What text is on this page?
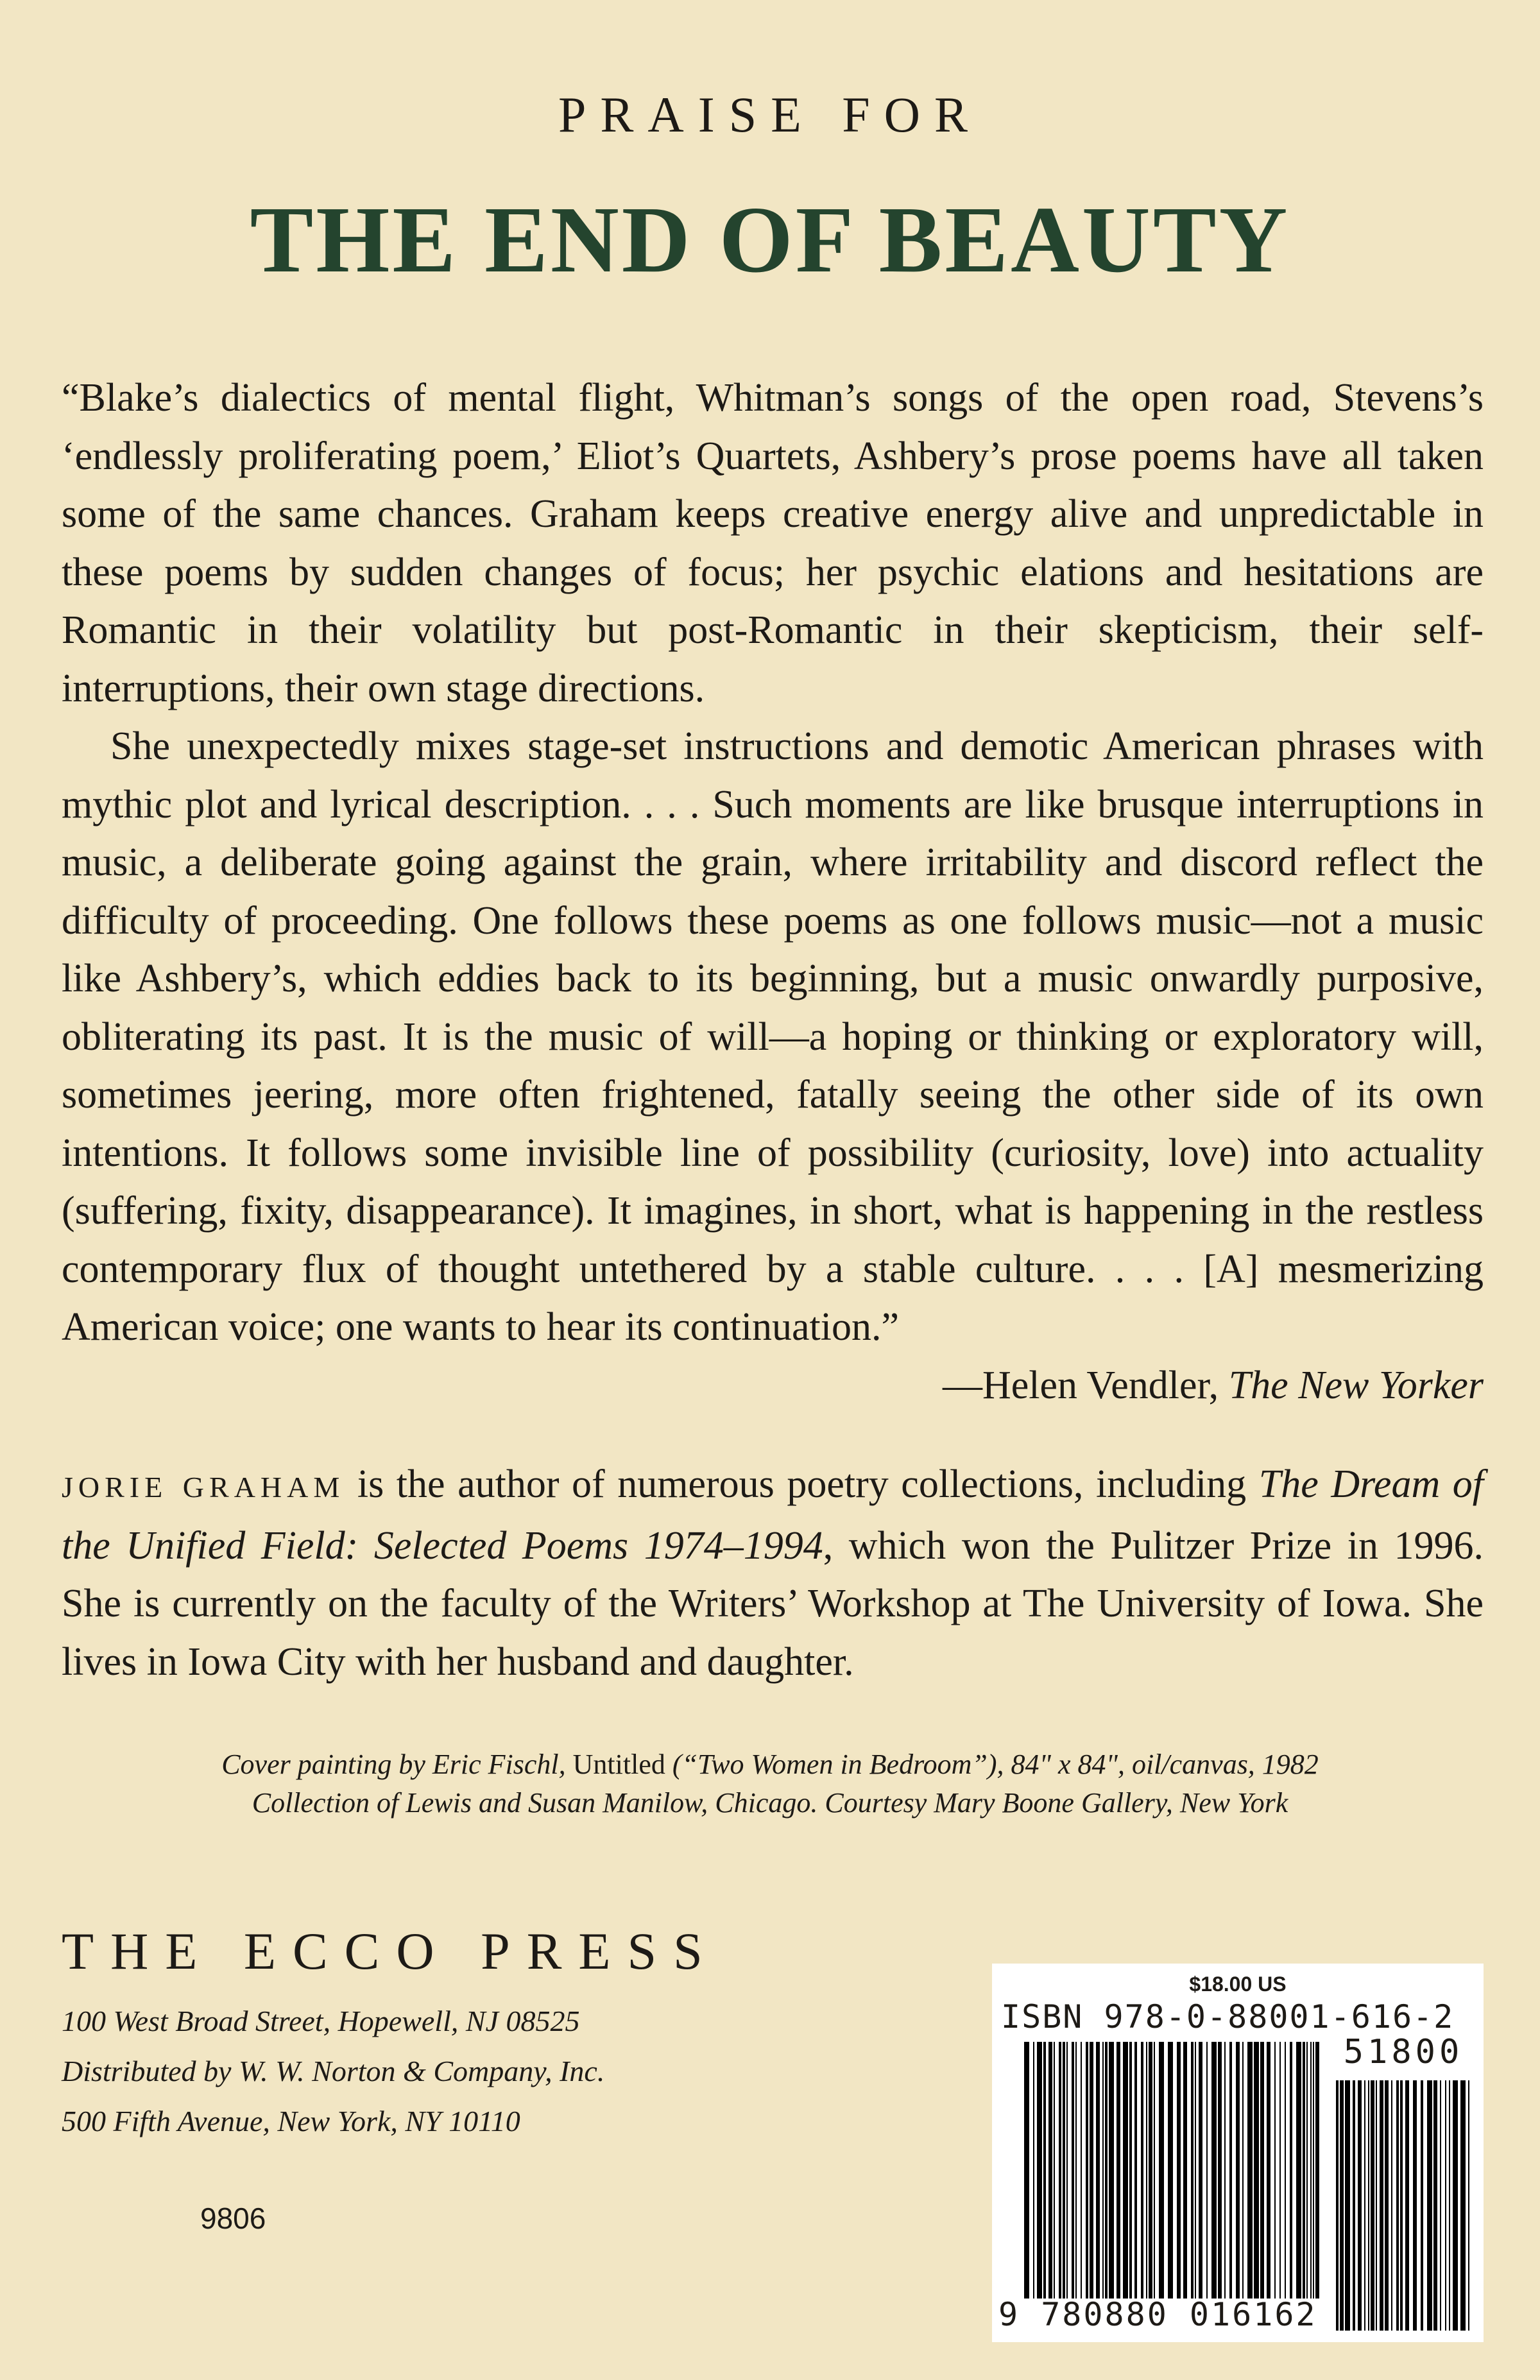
PRAISE FOR
THE END OF BEAUTY

“Blake’s dialectics of mental flight, Whitman’s songs of the open road, Stevens’s ‘endlessly proliferating poem,’ Eliot’s Quartets, Ashbery’s prose poems have all taken some of the same chances. Graham keeps creative energy alive and unpredictable in these poems by sudden changes of focus; her psychic elations and hesitations are Romantic in their volatility but post-Romantic in their skepticism, their self-interruptions, their own stage directions.

She unexpectedly mixes stage-set instructions and demotic American phrases with mythic plot and lyrical description. . . . Such moments are like brusque interruptions in music, a deliberate going against the grain, where irritability and discord reflect the difficulty of proceeding. One follows these poems as one follows music—not a music like Ashbery’s, which eddies back to its beginning, but a music onwardly purposive, obliterating its past. It is the music of will—a hoping or thinking or exploratory will, sometimes jeering, more often frightened, fatally seeing the other side of its own intentions. It follows some invisible line of possibility (curiosity, love) into actuality (suffering, fixity, disappearance). It imagines, in short, what is happening in the restless contemporary flux of thought untethered by a stable culture. . . . [A] mesmerizing American voice; one wants to hear its continuation.”

—Helen Vendler, The New Yorker
JORIE GRAHAM is the author of numerous poetry collections, including The Dream of the Unified Field: Selected Poems 1974–1994, which won the Pulitzer Prize in 1996. She is currently on the faculty of the Writers’ Workshop at The University of Iowa. She lives in Iowa City with her husband and daughter.
Cover painting by Eric Fischl, Untitled (“Two Women in Bedroom”), 84" x 84", oil/canvas, 1982
Collection of Lewis and Susan Manilow, Chicago. Courtesy Mary Boone Gallery, New York
THE ECCO PRESS
100 West Broad Street, Hopewell, NJ 08525
Distributed by W. W. Norton & Company, Inc.
500 Fifth Avenue, New York, NY 10110
9806
$18.00 US
ISBN 978-0-88001-616-2
51800
9 780880 016162
